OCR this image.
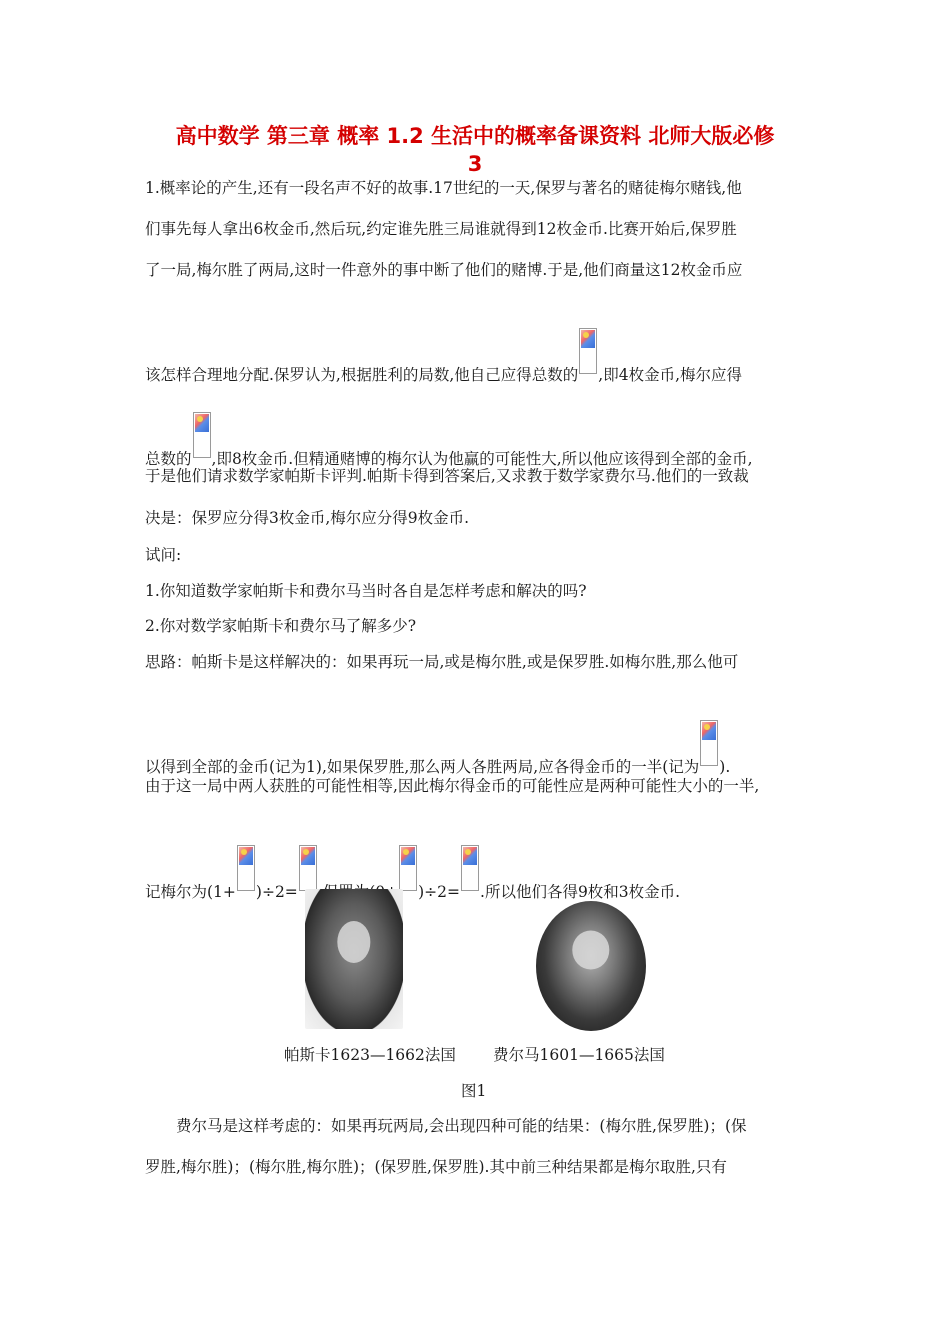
高中数学 第三章 概率 1.2 生活中的概率备课资料 北师大版必修
3
1.概率论的产生,还有一段名声不好的故事.17世纪的一天,保罗与著名的赌徒梅尔赌钱,他
们事先每人拿出6枚金币,然后玩,约定谁先胜三局谁就得到12枚金币.比赛开始后,保罗胜
了一局,梅尔胜了两局,这时一件意外的事中断了他们的赌博.于是,他们商量这12枚金币应
该怎样合理地分配.保罗认为,根据胜利的局数,他自己应得总数的 ,即4枚金币,梅尔应得
总数的 ,即8枚金币.但精通赌博的梅尔认为他赢的可能性大,所以他应该得到全部的金币,
于是他们请求数学家帕斯卡评判.帕斯卡得到答案后,又求教于数学家费尔马.他们的一致裁
决是：保罗应分得3枚金币,梅尔应分得9枚金币.
试问:
1.你知道数学家帕斯卡和费尔马当时各自是怎样考虑和解决的吗?
2.你对数学家帕斯卡和费尔马了解多少?
思路：帕斯卡是这样解决的：如果再玩一局,或是梅尔胜,或是保罗胜.如梅尔胜,那么他可
以得到全部的金币(记为1),如果保罗胜,那么两人各胜两局,应各得金币的一半(记为 ).
由于这一局中两人获胜的可能性相等,因此梅尔得金币的可能性应是两种可能性大小的一半,
记梅尔为(1+ )÷2=	)÷2= .所以他们各得9枚和3枚金币.
帕斯卡1623—1662法国 费尔马1601—1665法国
图1
费尔马是这样考虑的：如果再玩两局,会出现四种可能的结果：(梅尔胜,保罗胜)；(保
罗胜,梅尔胜)；(梅尔胜,梅尔胜)；(保罗胜,保罗胜).其中前三种结果都是梅尔取胜,只有
